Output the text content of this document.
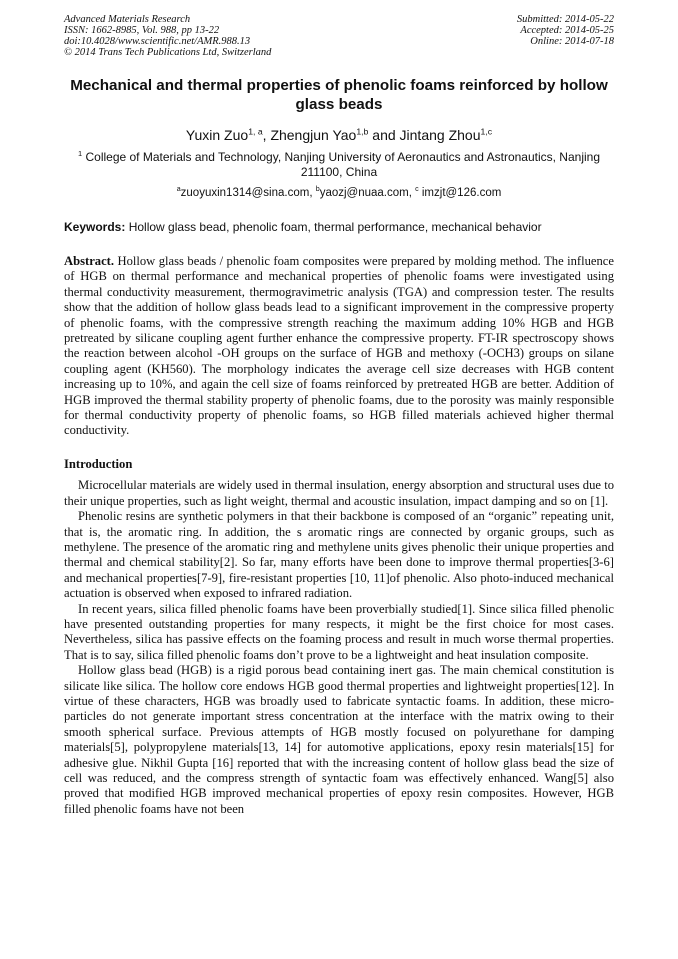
Advanced Materials Research
ISSN: 1662-8985, Vol. 988, pp 13-22
doi:10.4028/www.scientific.net/AMR.988.13
© 2014 Trans Tech Publications Ltd, Switzerland
Submitted: 2014-05-22
Accepted: 2014-05-25
Online: 2014-07-18
Mechanical and thermal properties of phenolic foams reinforced by hollow glass beads
Yuxin Zuo$^{1, a}$, Zhengjun Yao$^{1,b}$ and Jintang Zhou$^{1,c}$
$^1$ College of Materials and Technology, Nanjing University of Aeronautics and Astronautics, Nanjing 211100, China
$^a$zuoyuxin1314@sina.com, $^b$yaozj@nuaa.com, $^c$ imzjt@126.com
Keywords: Hollow glass bead, phenolic foam, thermal performance, mechanical behavior
Abstract. Hollow glass beads / phenolic foam composites were prepared by molding method. The influence of HGB on thermal performance and mechanical properties of phenolic foams were investigated using thermal conductivity measurement, thermogravimetric analysis (TGA) and compression tester. The results show that the addition of hollow glass beads lead to a significant improvement in the compressive property of phenolic foams, with the compressive strength reaching the maximum adding 10% HGB and HGB pretreated by silicane coupling agent further enhance the compressive property. FT-IR spectroscopy shows the reaction between alcohol -OH groups on the surface of HGB and methoxy (-OCH3) groups on silane coupling agent (KH560). The morphology indicates the average cell size decreases with HGB content increasing up to 10%, and again the cell size of foams reinforced by pretreated HGB are better. Addition of HGB improved the thermal stability property of phenolic foams, due to the porosity was mainly responsible for thermal conductivity property of phenolic foams, so HGB filled materials achieved higher thermal conductivity.
Introduction

Microcellular materials are widely used in thermal insulation, energy absorption and structural uses due to their unique properties, such as light weight, thermal and acoustic insulation, impact damping and so on [1].

Phenolic resins are synthetic polymers in that their backbone is composed of an “organic” repeating unit, that is, the aromatic ring. In addition, the s aromatic rings are connected by organic groups, such as methylene. The presence of the aromatic ring and methylene units gives phenolic their unique properties and thermal and chemical stability[2]. So far, many efforts have been done to improve thermal properties[3-6] and mechanical properties[7-9], fire-resistant properties [10, 11]of phenolic. Also photo-induced mechanical actuation is observed when exposed to infrared radiation.

In recent years, silica filled phenolic foams have been proverbially studied[1]. Since silica filled phenolic have presented outstanding properties for many respects, it might be the first choice for most cases. Nevertheless, silica has passive effects on the foaming process and result in much worse thermal properties. That is to say, silica filled phenolic foams don’t prove to be a lightweight and heat insulation composite.

Hollow glass bead (HGB) is a rigid porous bead containing inert gas. The main chemical constitution is silicate like silica. The hollow core endows HGB good thermal properties and lightweight properties[12]. In virtue of these characters, HGB was broadly used to fabricate syntactic foams. In addition, these micro-particles do not generate important stress concentration at the interface with the matrix owing to their smooth spherical surface. Previous attempts of HGB mostly focused on polyurethane for damping materials[5], polypropylene materials[13, 14] for automotive applications, epoxy resin materials[15] for adhesive glue. Nikhil Gupta [16] reported that with the increasing content of hollow glass bead the size of cell was reduced, and the compress strength of syntactic foam was effectively enhanced. Wang[5] also proved that modified HGB improved mechanical properties of epoxy resin composites. However, HGB filled phenolic foams have not been
